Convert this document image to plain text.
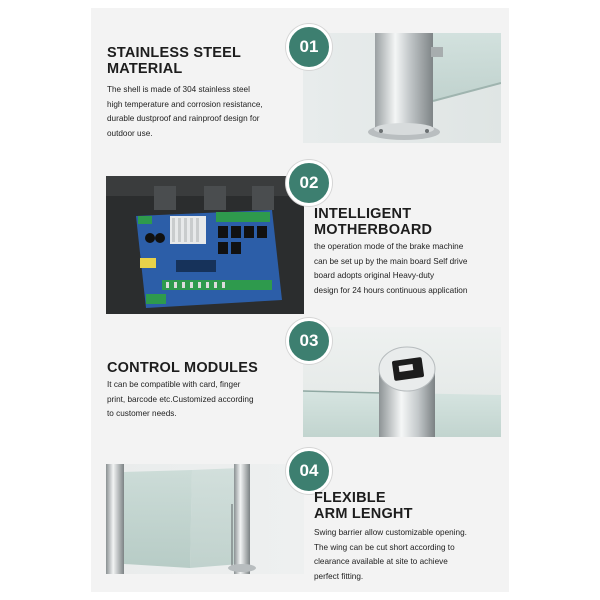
STAINLESS STEEL
MATERIAL
The shell is made of 304 stainless steel
high temperature and corrosion resistance,
durable dustproof and rainproof design for
outdoor use.
01
02
INTELLIGENT
MOTHERBOARD
the operation mode of the brake machine
can be set up by the main board Self drive
board adopts original Heavy-duty
design for 24 hours continuous application
CONTROL MODULES
It can be compatible with card, finger
print, barcode etc.Customized according
to customer needs.
03
04
FLEXIBLE
ARM LENGHT
Swing barrier allow customizable opening.
The wing can be cut short according to
clearance available at site to achieve
perfect fitting.
